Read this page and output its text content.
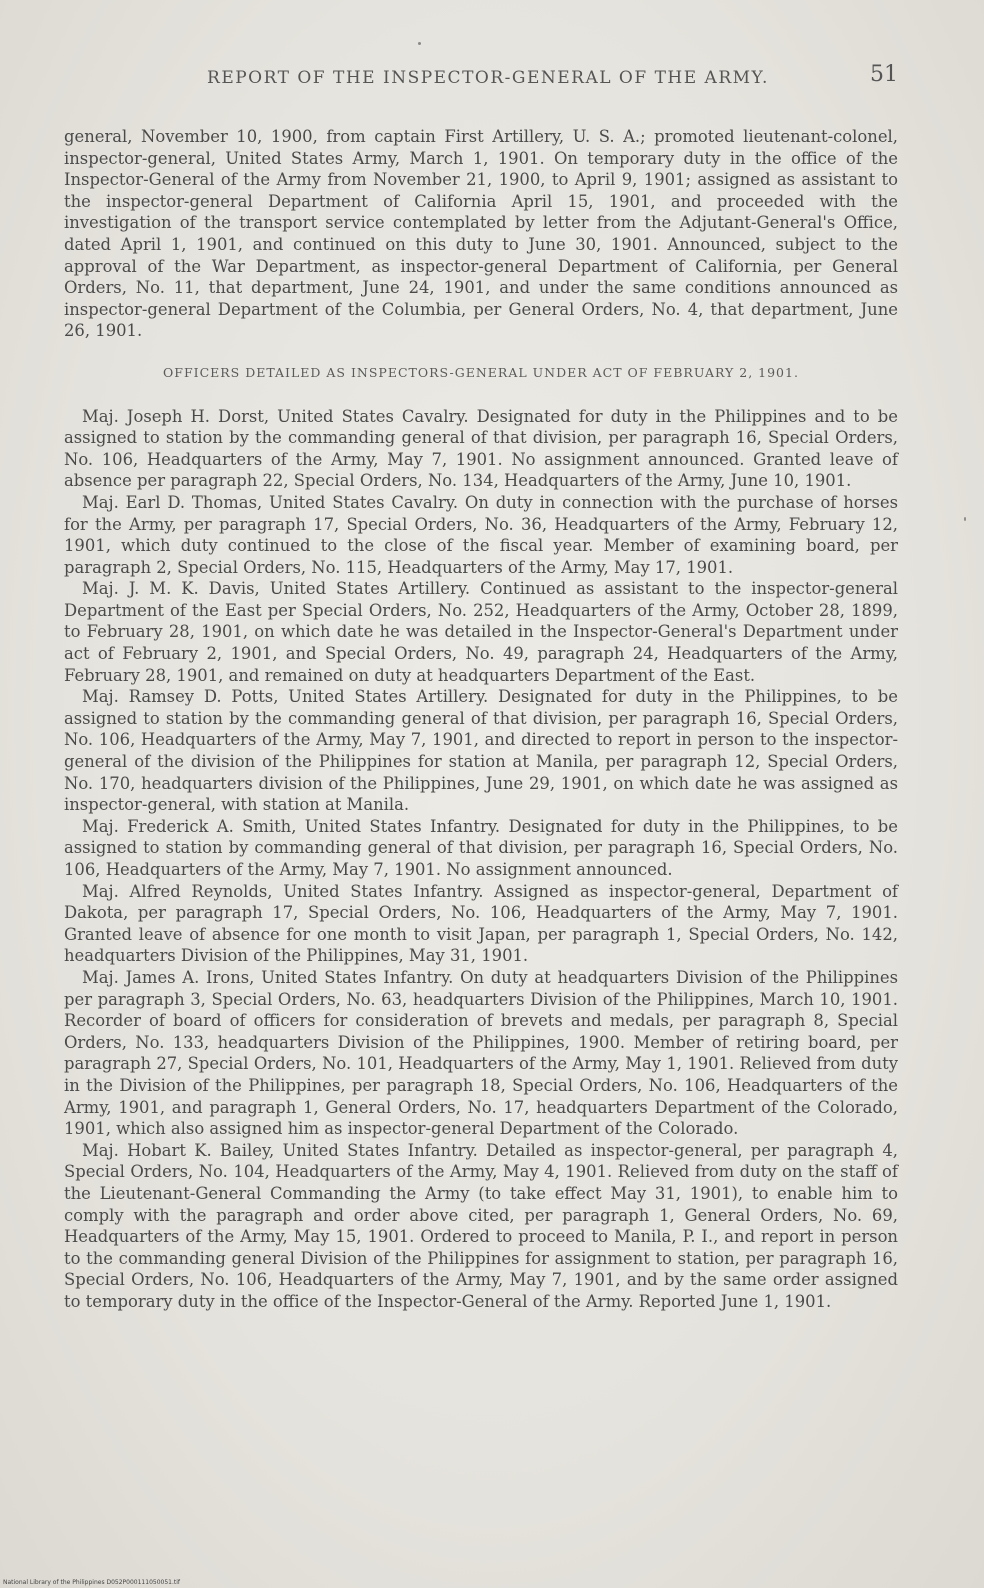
REPORT OF THE INSPECTOR-GENERAL OF THE ARMY.	51

general, November 10, 1900, from captain First Artillery, U. S. A.; promoted lieutenant-colonel, inspector-general, United States Army, March 1, 1901. On temporary duty in the office of the Inspector-General of the Army from November 21, 1900, to April 9, 1901; assigned as assistant to the inspector-general Department of California April 15, 1901, and proceeded with the investigation of the transport service contemplated by letter from the Adjutant-General's Office, dated April 1, 1901, and continued on this duty to June 30, 1901. Announced, subject to the approval of the War Department, as inspector-general Department of California, per General Orders, No. 11, that department, June 24, 1901, and under the same conditions announced as inspector-general Department of the Columbia, per General Orders, No. 4, that department, June 26, 1901.

OFFICERS DETAILED AS INSPECTORS-GENERAL UNDER ACT OF FEBRUARY 2, 1901.

Maj. Joseph H. Dorst, United States Cavalry. Designated for duty in the Philippines and to be assigned to station by the commanding general of that division, per paragraph 16, Special Orders, No. 106, Headquarters of the Army, May 7, 1901. No assignment announced. Granted leave of absence per paragraph 22, Special Orders, No. 134, Headquarters of the Army, June 10, 1901.

Maj. Earl D. Thomas, United States Cavalry. On duty in connection with the purchase of horses for the Army, per paragraph 17, Special Orders, No. 36, Headquarters of the Army, February 12, 1901, which duty continued to the close of the fiscal year. Member of examining board, per paragraph 2, Special Orders, No. 115, Headquarters of the Army, May 17, 1901.

Maj. J. M. K. Davis, United States Artillery. Continued as assistant to the inspector-general Department of the East per Special Orders, No. 252, Headquarters of the Army, October 28, 1899, to February 28, 1901, on which date he was detailed in the Inspector-General's Department under act of February 2, 1901, and Special Orders, No. 49, paragraph 24, Headquarters of the Army, February 28, 1901, and remained on duty at headquarters Department of the East.

Maj. Ramsey D. Potts, United States Artillery. Designated for duty in the Philippines, to be assigned to station by the commanding general of that division, per paragraph 16, Special Orders, No. 106, Headquarters of the Army, May 7, 1901, and directed to report in person to the inspector-general of the division of the Philippines for station at Manila, per paragraph 12, Special Orders, No. 170, headquarters division of the Philippines, June 29, 1901, on which date he was assigned as inspector-general, with station at Manila.

Maj. Frederick A. Smith, United States Infantry. Designated for duty in the Philippines, to be assigned to station by commanding general of that division, per paragraph 16, Special Orders, No. 106, Headquarters of the Army, May 7, 1901. No assignment announced.

Maj. Alfred Reynolds, United States Infantry. Assigned as inspector-general, Department of Dakota, per paragraph 17, Special Orders, No. 106, Headquarters of the Army, May 7, 1901. Granted leave of absence for one month to visit Japan, per paragraph 1, Special Orders, No. 142, headquarters Division of the Philippines, May 31, 1901.

Maj. James A. Irons, United States Infantry. On duty at headquarters Division of the Philippines per paragraph 3, Special Orders, No. 63, headquarters Division of the Philippines, March 10, 1901. Recorder of board of officers for consideration of brevets and medals, per paragraph 8, Special Orders, No. 133, headquarters Division of the Philippines, 1900. Member of retiring board, per paragraph 27, Special Orders, No. 101, Headquarters of the Army, May 1, 1901. Relieved from duty in the Division of the Philippines, per paragraph 18, Special Orders, No. 106, Headquarters of the Army, 1901, and paragraph 1, General Orders, No. 17, headquarters Department of the Colorado, 1901, which also assigned him as inspector-general Department of the Colorado.

Maj. Hobart K. Bailey, United States Infantry. Detailed as inspector-general, per paragraph 4, Special Orders, No. 104, Headquarters of the Army, May 4, 1901. Relieved from duty on the staff of the Lieutenant-General Commanding the Army (to take effect May 31, 1901), to enable him to comply with the paragraph and order above cited, per paragraph 1, General Orders, No. 69, Headquarters of the Army, May 15, 1901. Ordered to proceed to Manila, P. I., and report in person to the commanding general Division of the Philippines for assignment to station, per paragraph 16, Special Orders, No. 106, Headquarters of the Army, May 7, 1901, and by the same order assigned to temporary duty in the office of the Inspector-General of the Army. Reported June 1, 1901.

National Library of the Philippines D052P000111050051.tif
